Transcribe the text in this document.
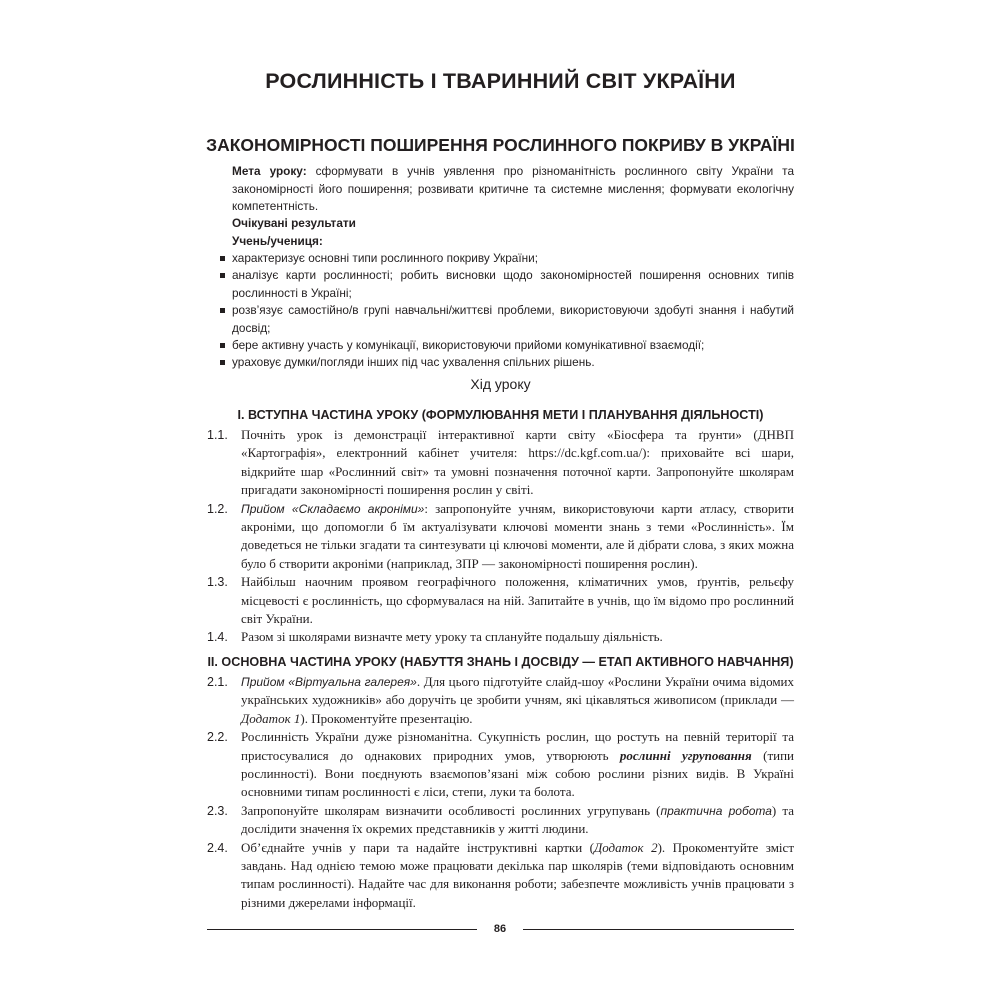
РОСЛИННІСТЬ І ТВАРИННИЙ СВІТ УКРАЇНИ
ЗАКОНОМІРНОСТІ ПОШИРЕННЯ РОСЛИННОГО ПОКРИВУ В УКРАЇНІ

Мета уроку: сформувати в учнів уявлення про різноманітність рослинного світу України та закономірності його поширення; розвивати критичне та системне мислення; формувати екологічну компетентність.

Очікувані результати
Учень/учениця:
характеризує основні типи рослинного покриву України;
аналізує карти рослинності; робить висновки щодо закономірностей поширення основних типів рослинності в Україні;
розв’язує самостійно/в групі навчальні/життєві проблеми, використовуючи здобуті знання і набутий досвід;
бере активну участь у комунікації, використовуючи прийоми комунікативної взаємодії;
ураховує думки/погляди інших під час ухвалення спільних рішень.
Хід уроку
І. ВСТУПНА ЧАСТИНА УРОКУ (ФОРМУЛЮВАННЯ МЕТИ І ПЛАНУВАННЯ ДІЯЛЬНОСТІ)
1.1. Почніть урок із демонстрації інтерактивної карти світу «Біосфера та ґрунти» (ДНВП «Картографія», електронний кабінет учителя: https://dc.kgf.com.ua/): приховайте всі шари, відкрийте шар «Рослинний світ» та умовні позначення поточної карти. Запропонуйте школярам пригадати закономірності поширення рослин у світі.
1.2. Прийом «Складаємо акроніми»: запропонуйте учням, використовуючи карти атласу, створити акроніми, що допомогли б їм актуалізувати ключові моменти знань з теми «Рослинність». Їм доведеться не тільки згадати та синтезувати ці ключові моменти, але й дібрати слова, з яких можна було б створити акроніми (наприклад, ЗПР — закономірності поширення рослин).
1.3. Найбільш наочним проявом географічного положення, кліматичних умов, ґрунтів, рельєфу місцевості є рослинність, що сформувалася на ній. Запитайте в учнів, що їм відомо про рослинний світ України.
1.4. Разом зі школярами визначте мету уроку та сплануйте подальшу діяльність.
ІІ. ОСНОВНА ЧАСТИНА УРОКУ (НАБУТТЯ ЗНАНЬ І ДОСВІДУ — ЕТАП АКТИВНОГО НАВЧАННЯ)
2.1. Прийом «Віртуальна галерея». Для цього підготуйте слайд-шоу «Рослини України очима відомих українських художників» або доручіть це зробити учням, які цікавляться живописом (приклади — Додаток 1). Прокоментуйте презентацію.
2.2. Рослинність України дуже різноманітна. Сукупність рослин, що ростуть на певній території та пристосувалися до однакових природних умов, утворюють рослинні угруповання (типи рослинності). Вони поєднують взаємопов’язані між собою рослини різних видів. В Україні основними типам рослинності є ліси, степи, луки та болота.
2.3. Запропонуйте школярам визначити особливості рослинних угрупувань (практична робота) та дослідити значення їх окремих представників у житті людини.
2.4. Об’єднайте учнів у пари та надайте інструктивні картки (Додаток 2). Прокоментуйте зміст завдань. Над однією темою може працювати декілька пар школярів (теми відповідають основним типам рослинності). Надайте час для виконання роботи; забезпечте можливість учнів працювати з різними джерелами інформації.
86
